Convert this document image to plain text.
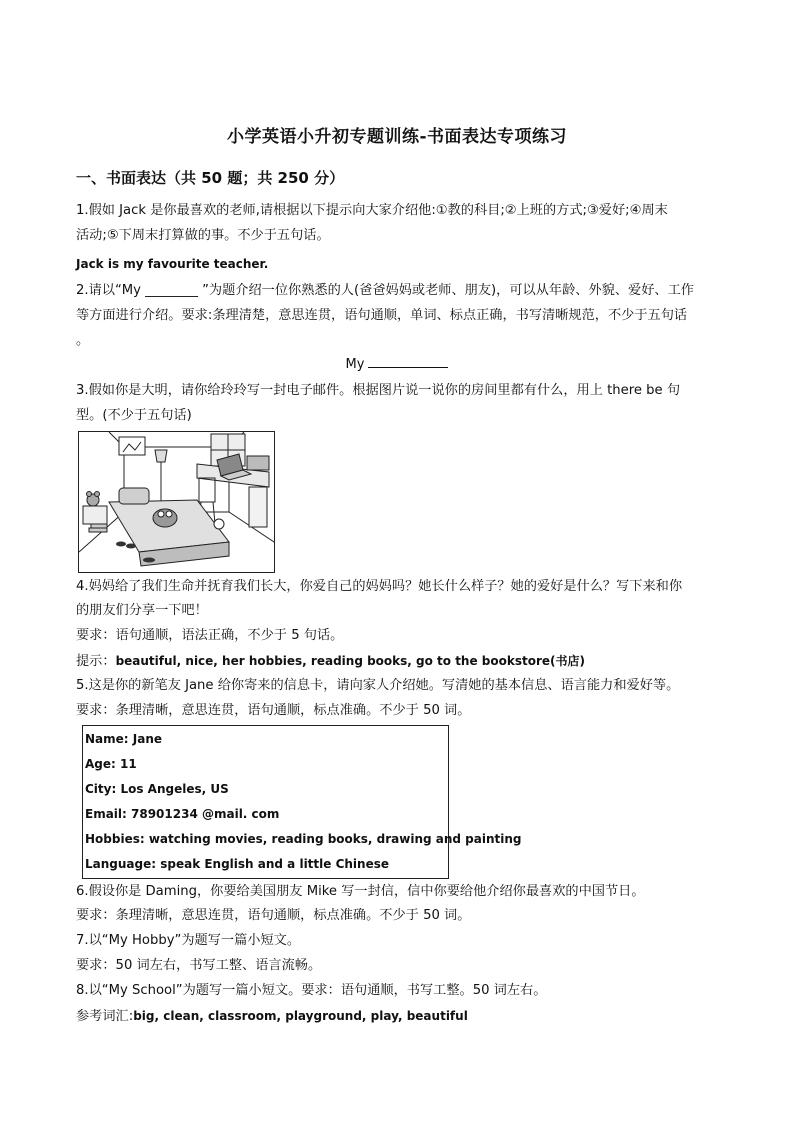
小学英语小升初专题训练-书面表达专项练习
一、书面表达（共 50 题；共 250 分）
1.假如 Jack 是你最喜欢的老师,请根据以下提示向大家介绍他:①教的科目;②上班的方式;③爱好;④周末
活动;⑤下周末打算做的事。不少于五句话。
Jack is my favourite teacher.
2.请以“My ________ ”为题介绍一位你熟悉的人(爸爸妈妈或老师、朋友)，可以从年龄、外貌、爱好、工作
等方面进行介绍。要求:条理清楚，意思连贯，语句通顺，单词、标点正确，书写清晰规范，不少于五句话
。
My
3.假如你是大明，请你给玲玲写一封电子邮件。根据图片说一说你的房间里都有什么，用上 there be 句
型。(不少于五句话)
4.妈妈给了我们生命并抚育我们长大，你爱自己的妈妈吗？她长什么样子？她的爱好是什么？写下来和你
的朋友们分享一下吧！
要求：语句通顺，语法正确，不少于 5 句话。
提示：beautiful, nice, her hobbies, reading books, go to the bookstore(书店)
5.这是你的新笔友 Jane 给你寄来的信息卡，请向家人介绍她。写清她的基本信息、语言能力和爱好等。
要求：条理清晰，意思连贯，语句通顺，标点准确。不少于 50 词。
Name: Jane
Age: 11
City: Los Angeles, US
Email: 78901234 @mail. com
Hobbies: watching movies, reading books, drawing and painting
Language: speak English and a little Chinese
6.假设你是 Daming，你要给美国朋友 Mike 写一封信，信中你要给他介绍你最喜欢的中国节日。
要求：条理清晰，意思连贯，语句通顺，标点准确。不少于 50 词。
7.以“My Hobby”为题写一篇小短文。
要求：50 词左右，书写工整、语言流畅。
8.以“My School”为题写一篇小短文。要求：语句通顺，书写工整。50 词左右。
参考词汇:big, clean, classroom, playground, play, beautiful
